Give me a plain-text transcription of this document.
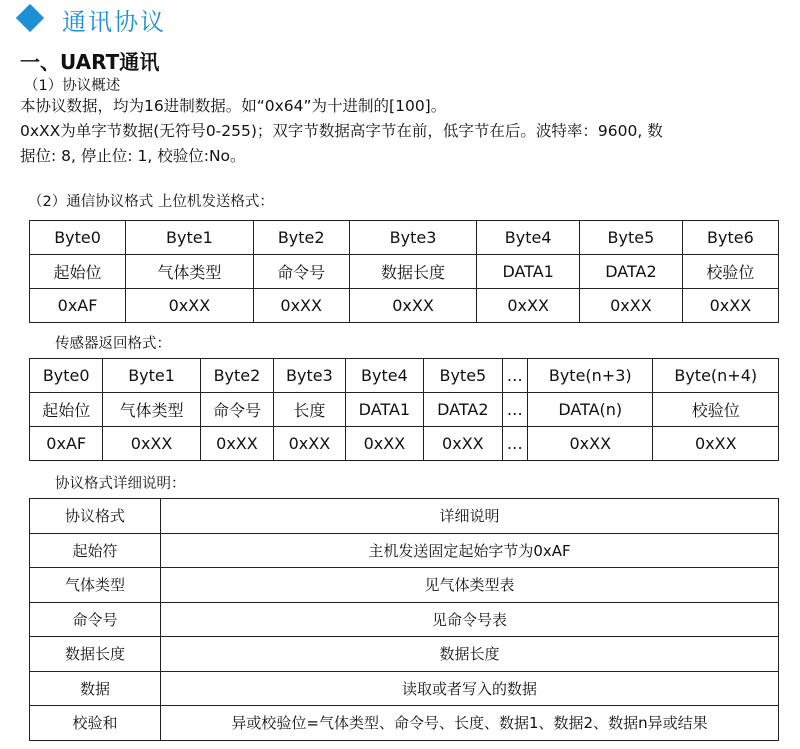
通讯协议
一、UART通讯
（1）协议概述
本协议数据，均为16进制数据。如“0x64”为十进制的[100]。
0xXX为单字节数据(无符号0-255)；双字节数据高字节在前，低字节在后。波特率：9600, 数
据位: 8, 停止位: 1, 校验位:No。
（2）通信协议格式 上位机发送格式：
Byte0	Byte1	Byte2	Byte3	Byte4	Byte5	Byte6
起始位	气体类型	命令号	数据长度	DATA1	DATA2	校验位
0xAF	0xXX	0xXX	0xXX	0xXX	0xXX	0xXX
传感器返回格式：
Byte0	Byte1	Byte2	Byte3	Byte4	Byte5	…	Byte(n+3)	Byte(n+4)
起始位	气体类型	命令号	长度	DATA1	DATA2	…	DATA(n)	校验位
0xAF	0xXX	0xXX	0xXX	0xXX	0xXX	…	0xXX	0xXX
协议格式详细说明：
协议格式	详细说明
起始符	主机发送固定起始字节为0xAF
气体类型	见气体类型表
命令号	见命令号表
数据长度	数据长度
数据	读取或者写入的数据
校验和	异或校验位=气体类型、命令号、长度、数据1、数据2、数据n异或结果
